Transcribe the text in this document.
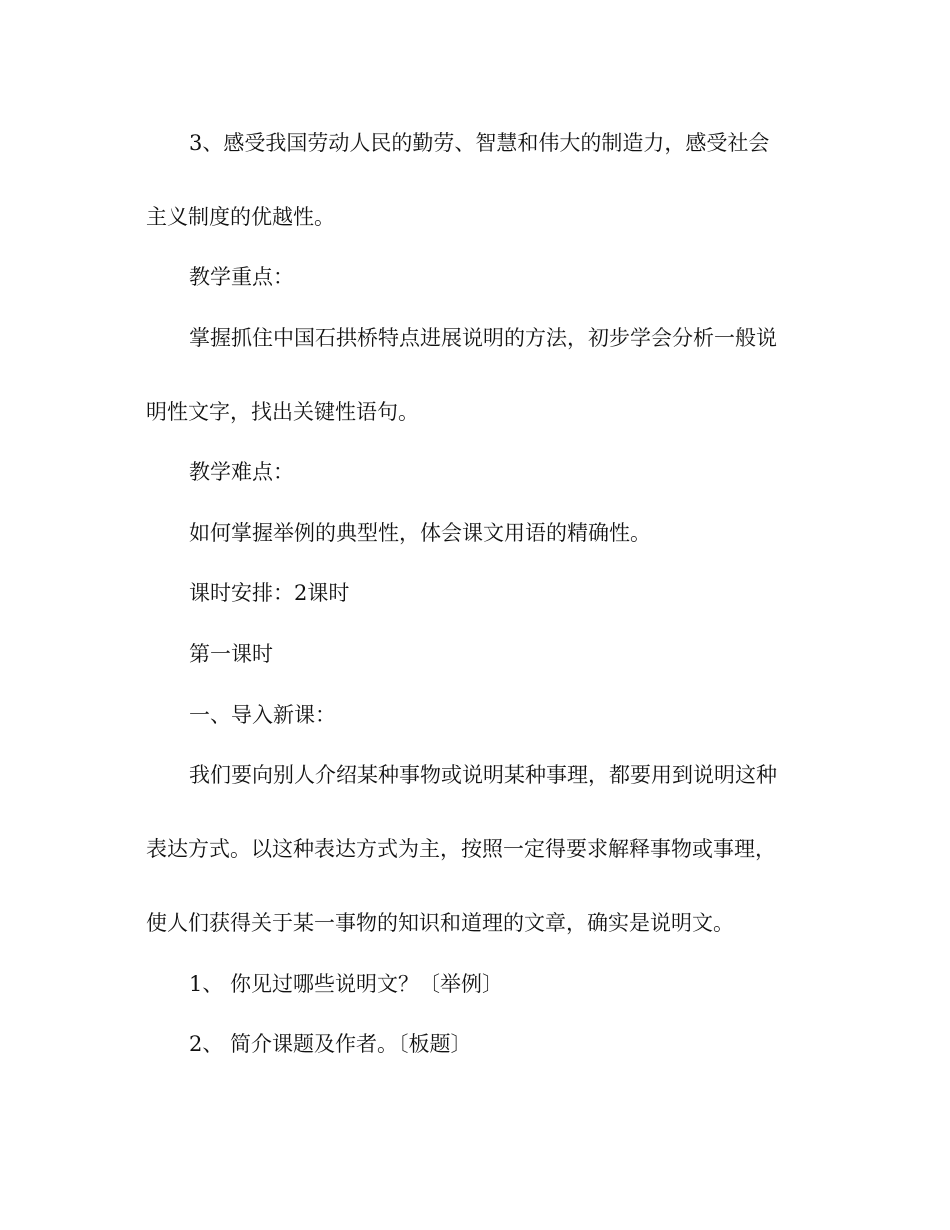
3、感受我国劳动人民的勤劳、智慧和伟大的制造力，感受社会
主义制度的优越性。
教学重点：
掌握抓住中国石拱桥特点进展说明的方法，初步学会分析一般说
明性文字，找出关键性语句。
教学难点：
如何掌握举例的典型性，体会课文用语的精确性。
课时安排：2课时
第一课时
一、导入新课：
我们要向别人介绍某种事物或说明某种事理，都要用到说明这种
表达方式。以这种表达方式为主，按照一定得要求解释事物或事理，
使人们获得关于某一事物的知识和道理的文章，确实是说明文。
1、 你见过哪些说明文？〔举例〕
2、 简介课题及作者。〔板题〕
